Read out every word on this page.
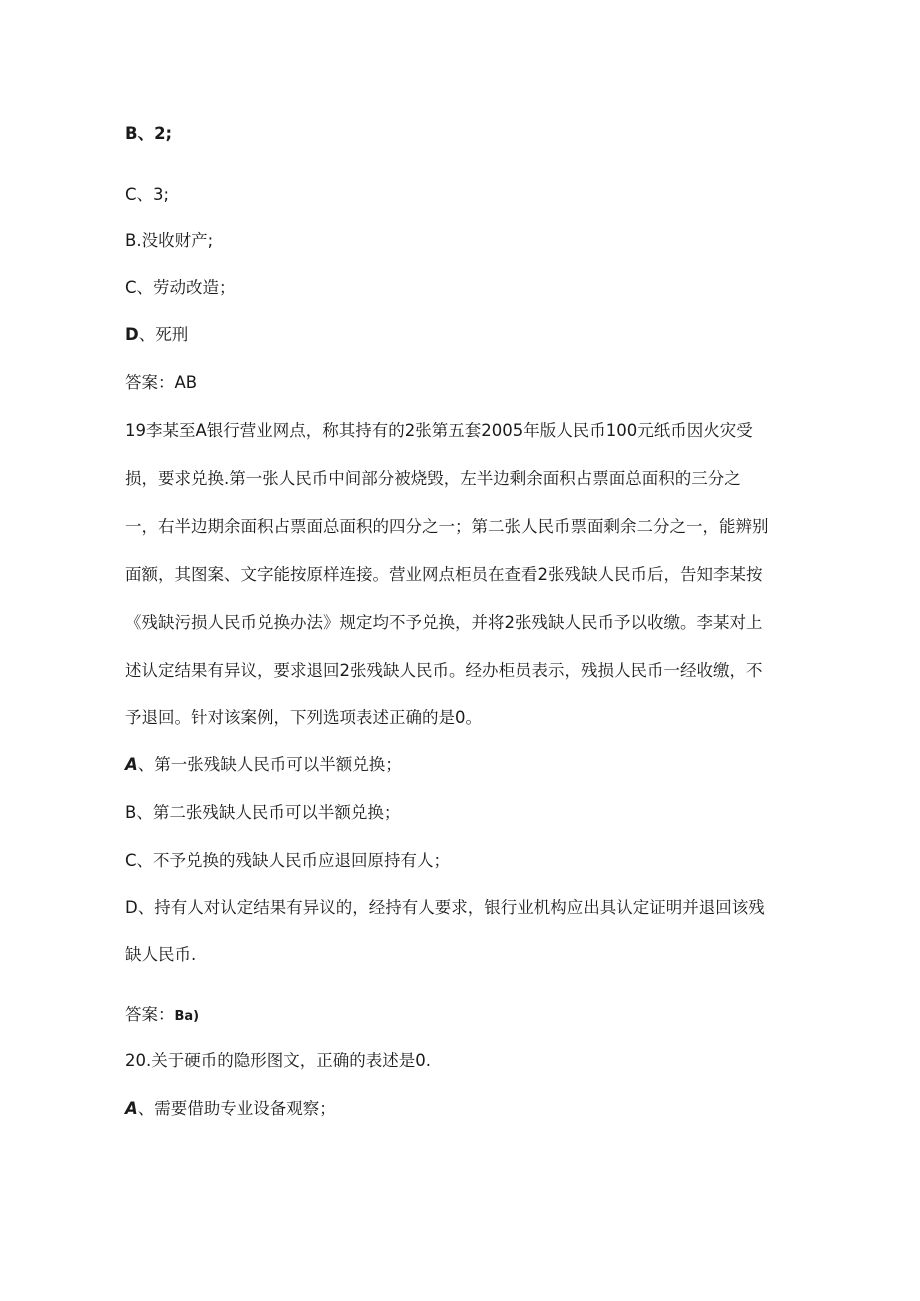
B、2;
C、3;
B.没收财产;
C、劳动改造；
D、死刑
答案：AB
19李某至A银行营业网点，称其持有的2张第五套2005年版人民币100元纸币因火灾受
损，要求兑换.第一张人民币中间部分被烧毁，左半边剩余面积占票面总面积的三分之
一，右半边期余面积占票面总面积的四分之一；第二张人民币票面剩余二分之一，能辨别
面额，其图案、文字能按原样连接。营业网点柜员在查看2张残缺人民币后，告知李某按
《残缺污损人民币兑换办法》规定均不予兑换，并将2张残缺人民币予以收缴。李某对上
述认定结果有异议，要求退回2张残缺人民币。经办柜员表示，残损人民币一经收缴，不
予退回。针对该案例，下列选项表述正确的是0。
A、第一张残缺人民币可以半额兑换；
B、第二张残缺人民币可以半额兑换；
C、不予兑换的残缺人民币应退回原持有人；
D、持有人对认定结果有异议的，经持有人要求，银行业机构应出具认定证明并退回该残
缺人民币.
答案：Ba)
20.关于硬币的隐形图文，正确的表述是0.
A、需要借助专业设备观察；
